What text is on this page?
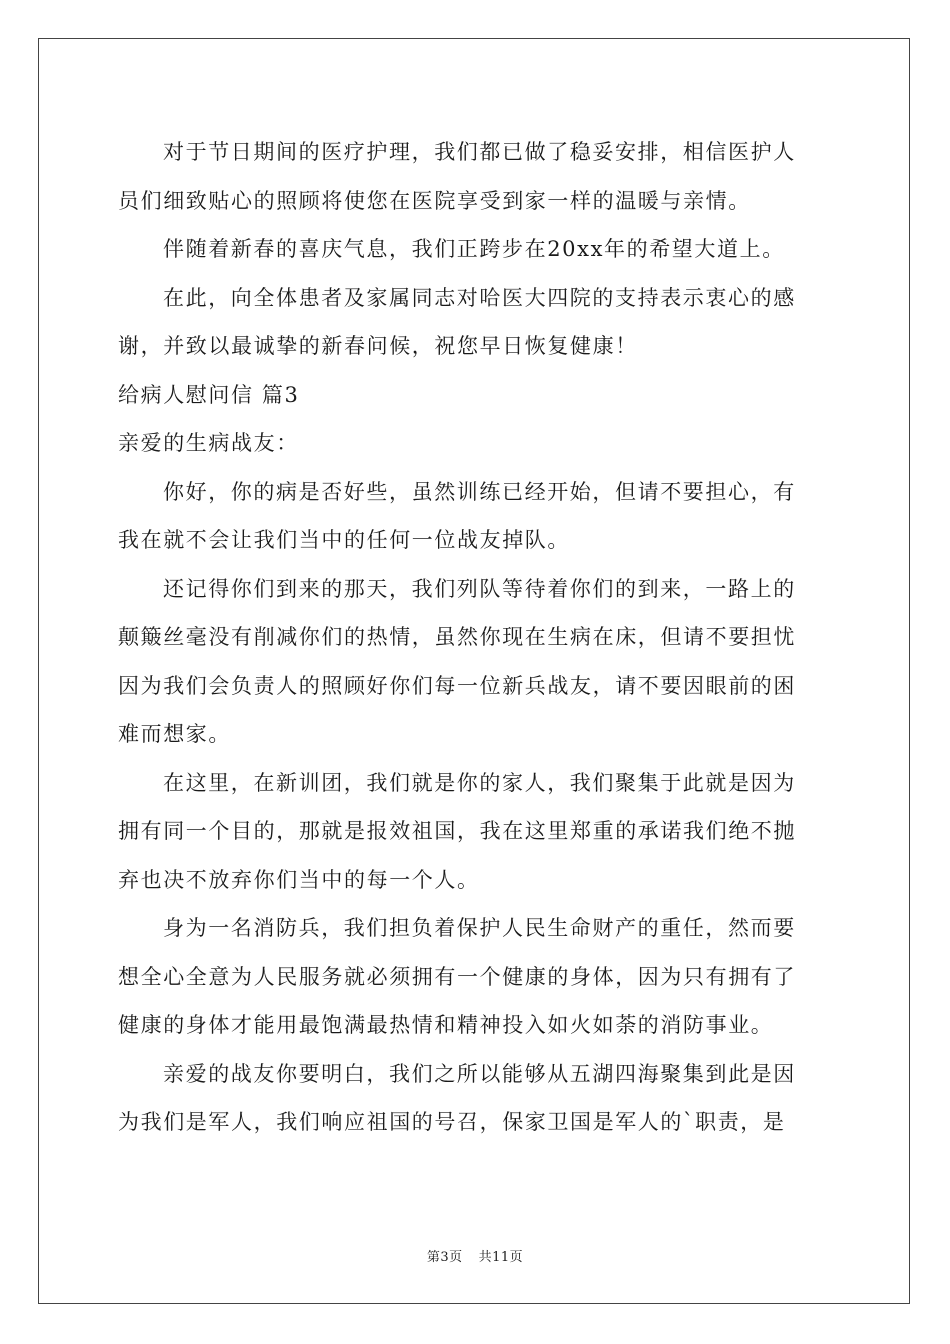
对于节日期间的医疗护理，我们都已做了稳妥安排，相信医护人
员们细致贴心的照顾将使您在医院享受到家一样的温暖与亲情。
伴随着新春的喜庆气息，我们正跨步在20xx年的希望大道上。
在此，向全体患者及家属同志对哈医大四院的支持表示衷心的感
谢，并致以最诚挚的新春问候，祝您早日恢复健康！
给病人慰问信 篇3
亲爱的生病战友：
你好，你的病是否好些，虽然训练已经开始，但请不要担心，有
我在就不会让我们当中的任何一位战友掉队。
还记得你们到来的那天，我们列队等待着你们的到来，一路上的
颠簸丝毫没有削减你们的热情，虽然你现在生病在床，但请不要担忧
因为我们会负责人的照顾好你们每一位新兵战友，请不要因眼前的困
难而想家。
在这里，在新训团，我们就是你的家人，我们聚集于此就是因为
拥有同一个目的，那就是报效祖国，我在这里郑重的承诺我们绝不抛
弃也决不放弃你们当中的每一个人。
身为一名消防兵，我们担负着保护人民生命财产的重任，然而要
想全心全意为人民服务就必须拥有一个健康的身体，因为只有拥有了
健康的身体才能用最饱满最热情和精神投入如火如荼的消防事业。
亲爱的战友你要明白，我们之所以能够从五湖四海聚集到此是因
为我们是军人，我们响应祖国的号召，保家卫国是军人的`职责，是
第3页 共11页
